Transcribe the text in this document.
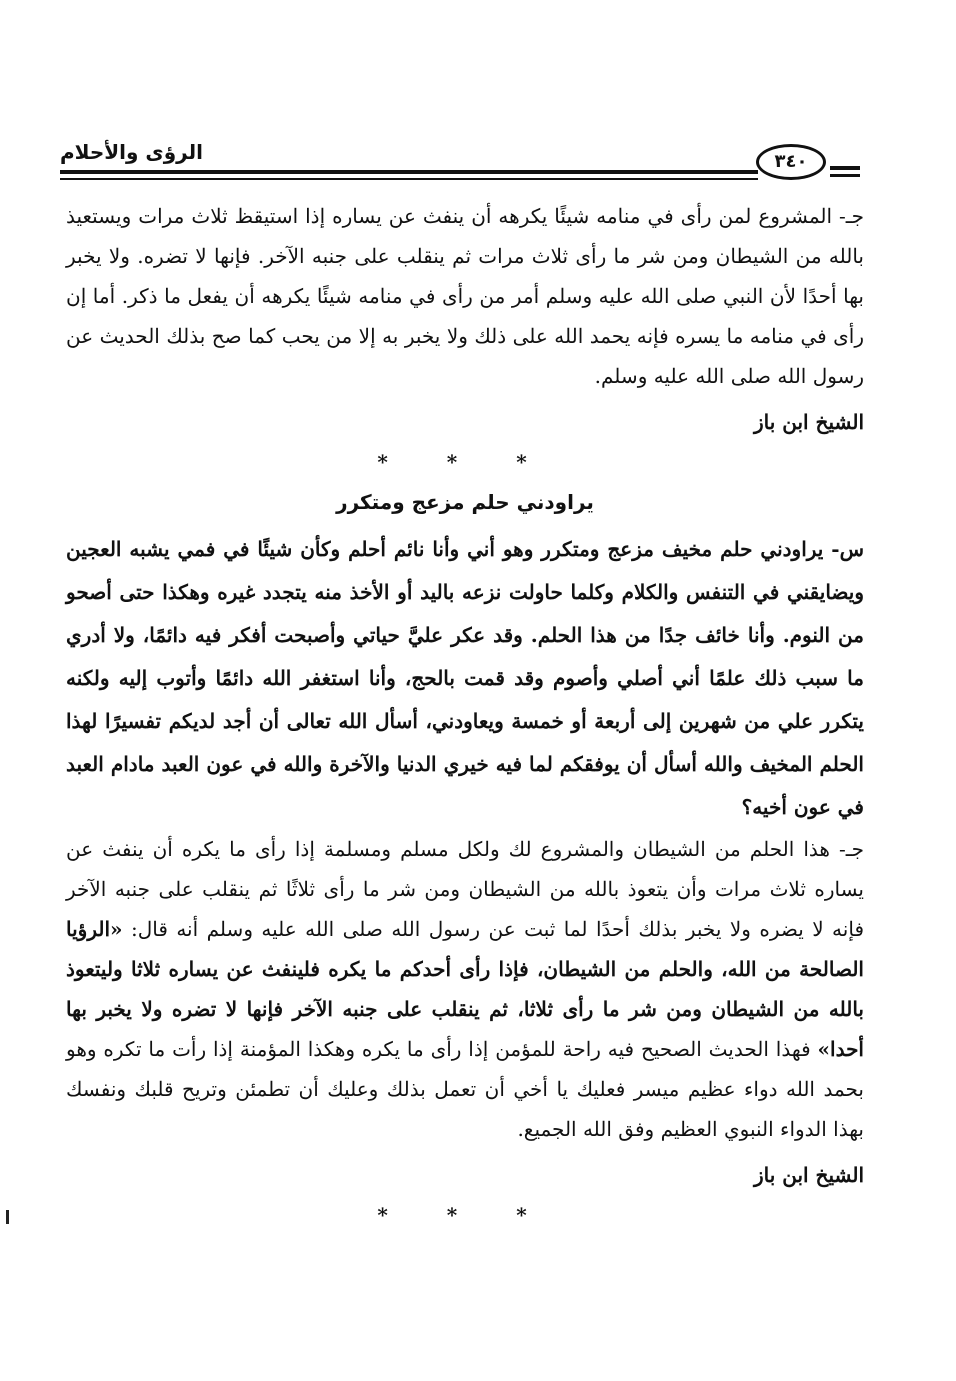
الرؤى والأحلام	٣٤٠

جـ- المشروع لمن رأى في منامه شيئًا يكرهه أن ينفث عن يساره إذا استيقظ ثلاث مرات ويستعيذ بالله من الشيطان ومن شر ما رأى ثلاث مرات ثم ينقلب على جنبه الآخر. فإنها لا تضره. ولا يخبر بها أحدًا لأن النبي صلى الله عليه وسلم أمر من رأى في منامه شيئًا يكرهه أن يفعل ما ذكر. أما إن رأى في منامه ما يسره فإنه يحمد الله على ذلك ولا يخبر به إلا من يحب كما صح بذلك الحديث عن رسول الله صلى الله عليه وسلم.

الشيخ ابن باز

* * *
يراودني حلم مزعج ومتكرر

س- يراودني حلم مخيف مزعج ومتكرر وهو أني وأنا نائم أحلم وكأن شيئًا في فمي يشبه العجين ويضايقني في التنفس والكلام وكلما حاولت نزعه باليد أو الأخذ منه يتجدد غيره وهكذا حتى أصحو من النوم. وأنا خائف جدًا من هذا الحلم. وقد عكر عليَّ حياتي وأصبحت أفكر فيه دائمًا، ولا أدري ما سبب ذلك علمًا أني أصلي وأصوم وقد قمت بالحج، وأنا استغفر الله دائمًا وأتوب إليه ولكنه يتكرر علي من شهرين إلى أربعة أو خمسة ويعاودني، أسأل الله تعالى أن أجد لديكم تفسيرًا لهذا الحلم المخيف والله أسأل أن يوفقكم لما فيه خيري الدنيا والآخرة والله في عون العبد مادام العبد في عون أخيه؟

جـ- هذا الحلم من الشيطان والمشروع لك ولكل مسلم ومسلمة إذا رأى ما يكره أن ينفث عن يساره ثلاث مرات وأن يتعوذ بالله من الشيطان ومن شر ما رأى ثلاثًا ثم ينقلب على جنبه الآخر فإنه لا يضره ولا يخبر بذلك أحدًا لما ثبت عن رسول الله صلى الله عليه وسلم أنه قال: «الرؤيا الصالحة من الله، والحلم من الشيطان، فإذا رأى أحدكم ما يكره فلينفث عن يساره ثلاثا وليتعوذ بالله من الشيطان ومن شر ما رأى ثلاثا، ثم ينقلب على جنبه الآخر فإنها لا تضره ولا يخبر بها أحدا» فهذا الحديث الصحيح فيه راحة للمؤمن إذا رأى ما يكره وهكذا المؤمنة إذا رأت ما تكره وهو بحمد الله دواء عظيم ميسر فعليك يا أخي أن تعمل بذلك وعليك أن تطمئن وتريح قلبك ونفسك بهذا الدواء النبوي العظيم وفق الله الجميع.

الشيخ ابن باز

* * *
